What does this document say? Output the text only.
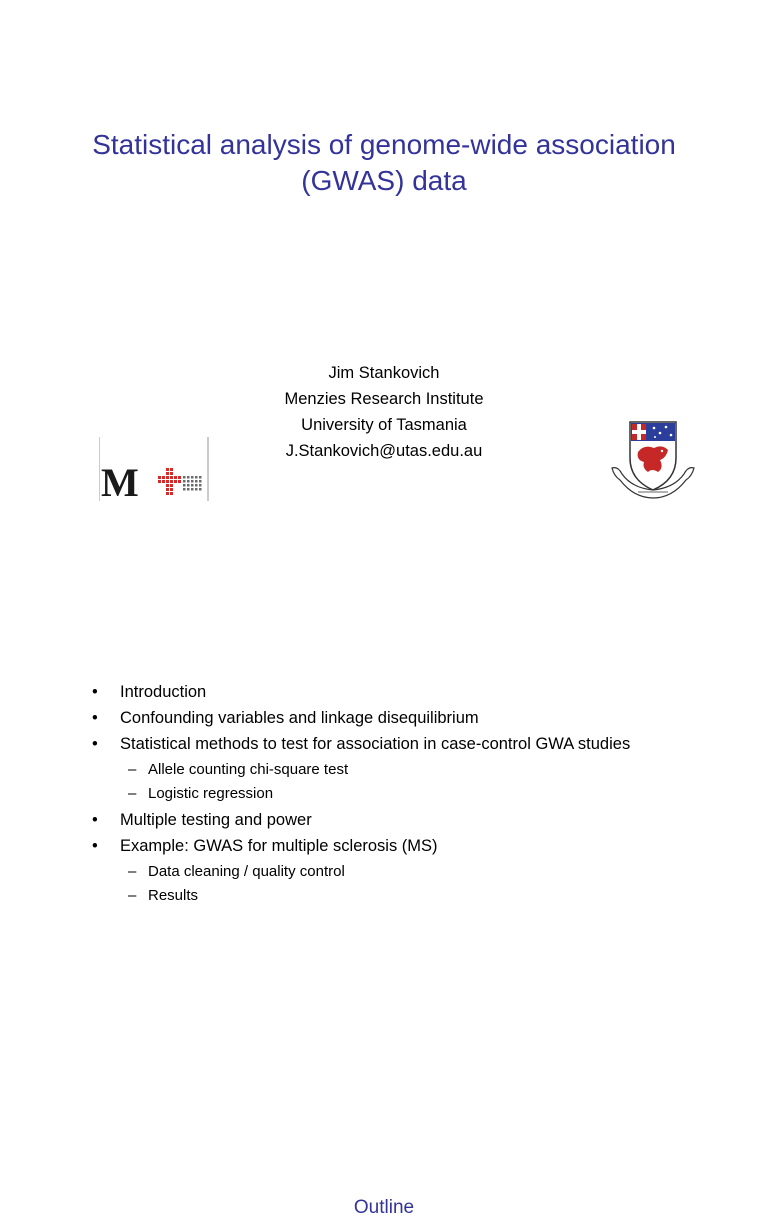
Statistical analysis of genome-wide association
(GWAS) data
Jim Stankovich
Menzies Research Institute
University of Tasmania
J.Stankovich@utas.edu.au
M
Outline
•	Introduction
•	Confounding variables and linkage disequilibrium
•	Statistical methods to test for association in case-control GWA studies
– Allele counting chi-square test
– Logistic regression
•	Multiple testing and power
•	Example: GWAS for multiple sclerosis (MS)
– Data cleaning / quality control
– Results
